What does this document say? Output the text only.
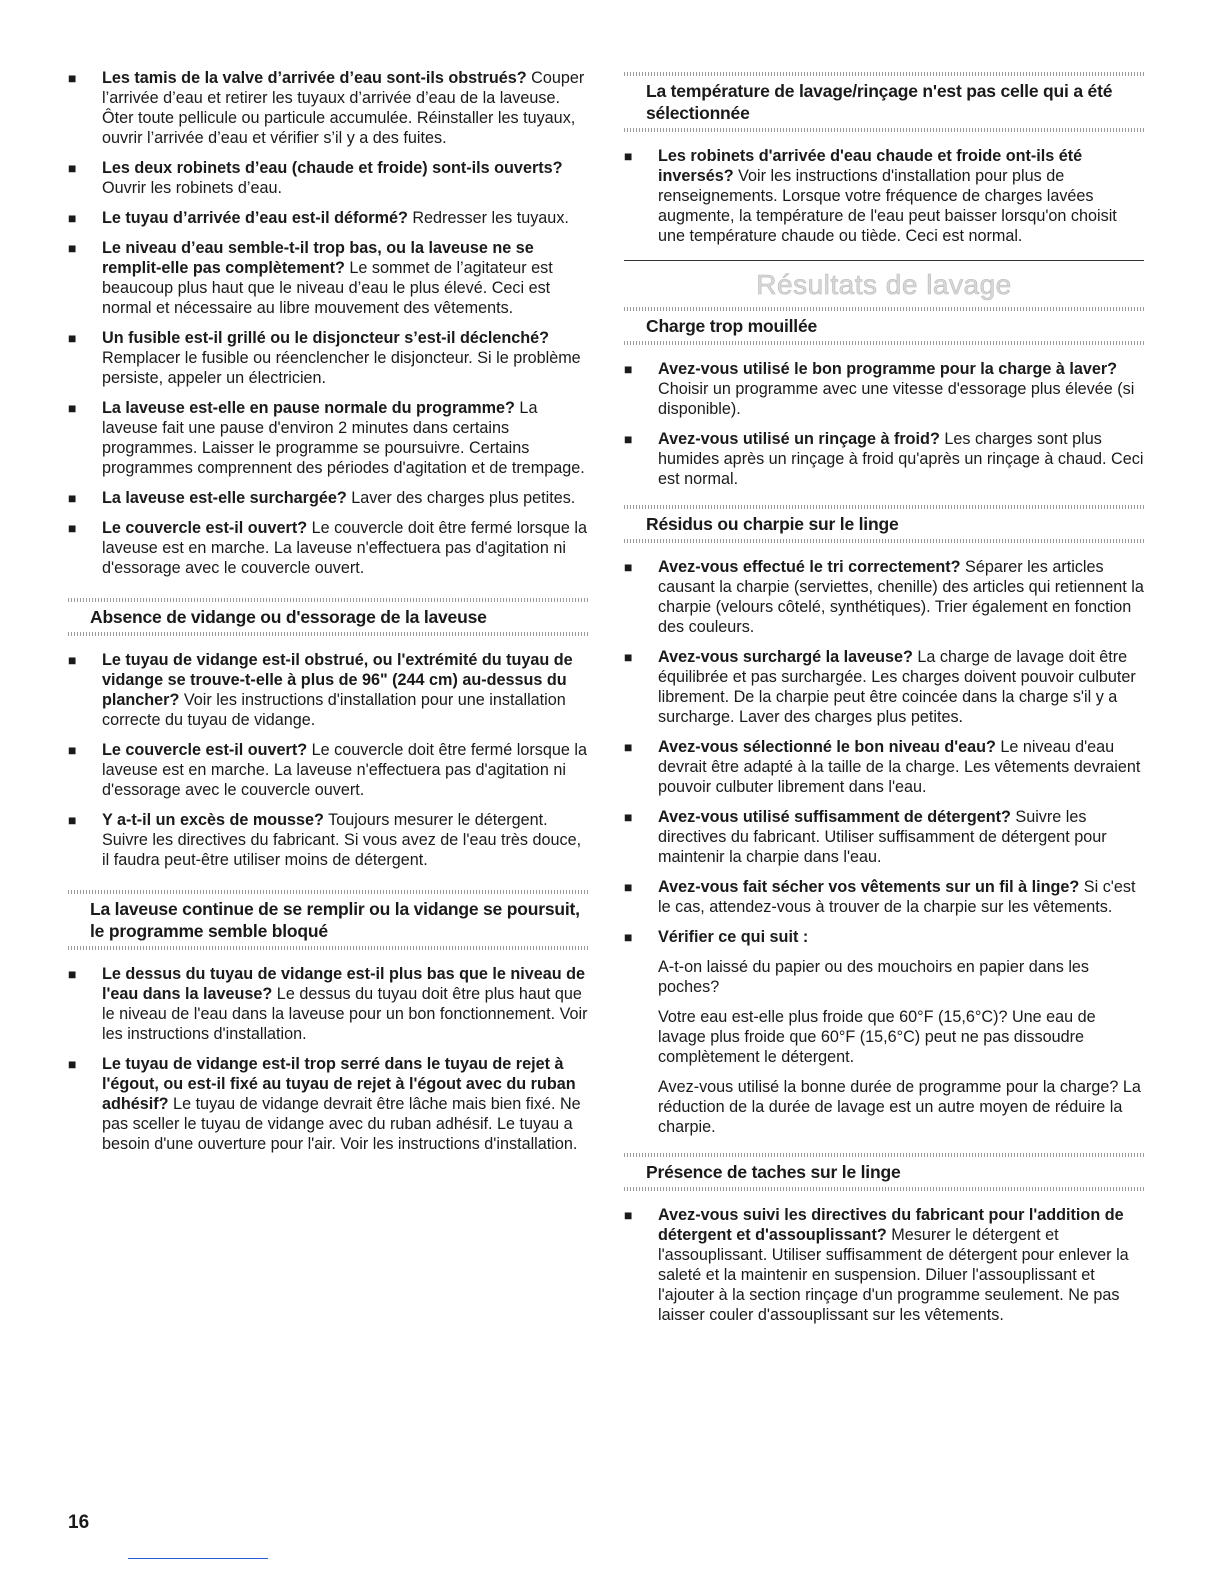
■	Les tamis de la valve d’arrivée d’eau sont-ils obstrués? Couper l’arrivée d’eau et retirer les tuyaux d’arrivée d’eau de la laveuse. Ôter toute pellicule ou particule accumulée. Réinstaller les tuyaux, ouvrir l’arrivée d’eau et vérifier s’il y a des fuites.
■	Les deux robinets d’eau (chaude et froide) sont-ils ouverts? Ouvrir les robinets d’eau.
■	Le tuyau d’arrivée d’eau est-il déformé? Redresser les tuyaux.
■	Le niveau d’eau semble-t-il trop bas, ou la laveuse ne se remplit-elle pas complètement? Le sommet de l’agitateur est beaucoup plus haut que le niveau d’eau le plus élevé. Ceci est normal et nécessaire au libre mouvement des vêtements.
■	Un fusible est-il grillé ou le disjoncteur s’est-il déclenché? Remplacer le fusible ou réenclencher le disjoncteur. Si le problème persiste, appeler un électricien.
■	La laveuse est-elle en pause normale du programme? La laveuse fait une pause d'environ 2 minutes dans certains programmes. Laisser le programme se poursuivre. Certains programmes comprennent des périodes d'agitation et de trempage.
■	La laveuse est-elle surchargée? Laver des charges plus petites.
■	Le couvercle est-il ouvert? Le couvercle doit être fermé lorsque la laveuse est en marche. La laveuse n'effectuera pas d'agitation ni d'essorage avec le couvercle ouvert.
Absence de vidange ou d'essorage de la laveuse
■	Le tuyau de vidange est-il obstrué, ou l'extrémité du tuyau de vidange se trouve-t-elle à plus de 96" (244 cm) au-dessus du plancher? Voir les instructions d'installation pour une installation correcte du tuyau de vidange.
■	Le couvercle est-il ouvert? Le couvercle doit être fermé lorsque la laveuse est en marche. La laveuse n'effectuera pas d'agitation ni d'essorage avec le couvercle ouvert.
■	Y a-t-il un excès de mousse? Toujours mesurer le détergent. Suivre les directives du fabricant. Si vous avez de l'eau très douce, il faudra peut-être utiliser moins de détergent.
La laveuse continue de se remplir ou la vidange se poursuit, le programme semble bloqué
■	Le dessus du tuyau de vidange est-il plus bas que le niveau de l'eau dans la laveuse? Le dessus du tuyau doit être plus haut que le niveau de l'eau dans la laveuse pour un bon fonctionnement. Voir les instructions d'installation.
■	Le tuyau de vidange est-il trop serré dans le tuyau de rejet à l'égout, ou est-il fixé au tuyau de rejet à l'égout avec du ruban adhésif? Le tuyau de vidange devrait être lâche mais bien fixé. Ne pas sceller le tuyau de vidange avec du ruban adhésif. Le tuyau a besoin d'une ouverture pour l'air. Voir les instructions d'installation.
La température de lavage/rinçage n'est pas celle qui a été sélectionnée
■	Les robinets d'arrivée d'eau chaude et froide ont-ils été inversés? Voir les instructions d'installation pour plus de renseignements. Lorsque votre fréquence de charges lavées augmente, la température de l'eau peut baisser lorsqu'on choisit une température chaude ou tiède. Ceci est normal.
Résultats de lavage
Charge trop mouillée
■	Avez-vous utilisé le bon programme pour la charge à laver? Choisir un programme avec une vitesse d'essorage plus élevée (si disponible).
■	Avez-vous utilisé un rinçage à froid? Les charges sont plus humides après un rinçage à froid qu'après un rinçage à chaud. Ceci est normal.
Résidus ou charpie sur le linge
■	Avez-vous effectué le tri correctement? Séparer les articles causant la charpie (serviettes, chenille) des articles qui retiennent la charpie (velours côtelé, synthétiques). Trier également en fonction des couleurs.
■	Avez-vous surchargé la laveuse? La charge de lavage doit être équilibrée et pas surchargée. Les charges doivent pouvoir culbuter librement. De la charpie peut être coincée dans la charge s'il y a surcharge. Laver des charges plus petites.
■	Avez-vous sélectionné le bon niveau d'eau? Le niveau d'eau devrait être adapté à la taille de la charge. Les vêtements devraient pouvoir culbuter librement dans l'eau.
■	Avez-vous utilisé suffisamment de détergent? Suivre les directives du fabricant. Utiliser suffisamment de détergent pour maintenir la charpie dans l'eau.
■	Avez-vous fait sécher vos vêtements sur un fil à linge? Si c'est le cas, attendez-vous à trouver de la charpie sur les vêtements.
■	Vérifier ce qui suit :
A-t-on laissé du papier ou des mouchoirs en papier dans les poches?
Votre eau est-elle plus froide que 60°F (15,6°C)? Une eau de lavage plus froide que 60°F (15,6°C) peut ne pas dissoudre complètement le détergent.
Avez-vous utilisé la bonne durée de programme pour la charge? La réduction de la durée de lavage est un autre moyen de réduire la charpie.
Présence de taches sur le linge
■	Avez-vous suivi les directives du fabricant pour l'addition de détergent et d'assouplissant? Mesurer le détergent et l'assouplissant. Utiliser suffisamment de détergent pour enlever la saleté et la maintenir en suspension. Diluer l'assouplissant et l'ajouter à la section rinçage d'un programme seulement. Ne pas laisser couler d'assouplissant sur les vêtements.
16
